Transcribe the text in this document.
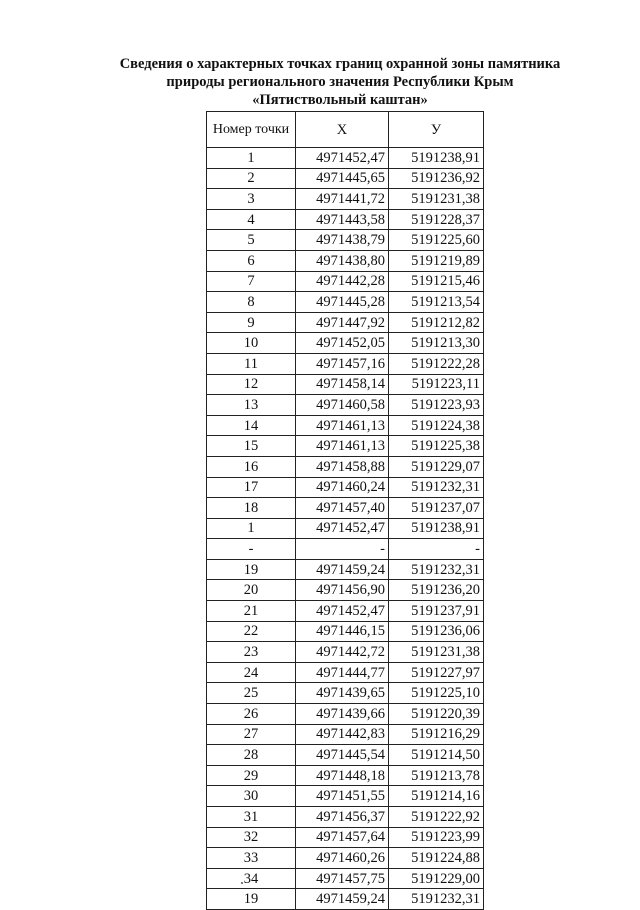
Сведения о характерных точках границ охранной зоны памятника
природы регионального значения Республики Крым
«Пятиствольный каштан»
Номер точки	X	У
1	4971452,47	5191238,91
2	4971445,65	5191236,92
3	4971441,72	5191231,38
4	4971443,58	5191228,37
5	4971438,79	5191225,60
6	4971438,80	5191219,89
7	4971442,28	5191215,46
8	4971445,28	5191213,54
9	4971447,92	5191212,82
10	4971452,05	5191213,30
11	4971457,16	5191222,28
12	4971458,14	5191223,11
13	4971460,58	5191223,93
14	4971461,13	5191224,38
15	4971461,13	5191225,38
16	4971458,88	5191229,07
17	4971460,24	5191232,31
18	4971457,40	5191237,07
1	4971452,47	5191238,91
-	-	-
19	4971459,24	5191232,31
20	4971456,90	5191236,20
21	4971452,47	5191237,91
22	4971446,15	5191236,06
23	4971442,72	5191231,38
24	4971444,77	5191227,97
25	4971439,65	5191225,10
26	4971439,66	5191220,39
27	4971442,83	5191216,29
28	4971445,54	5191214,50
29	4971448,18	5191213,78
30	4971451,55	5191214,16
31	4971456,37	5191222,92
32	4971457,64	5191223,99
33	4971460,26	5191224,88
34	4971457,75	5191229,00
19	4971459,24	5191232,31
